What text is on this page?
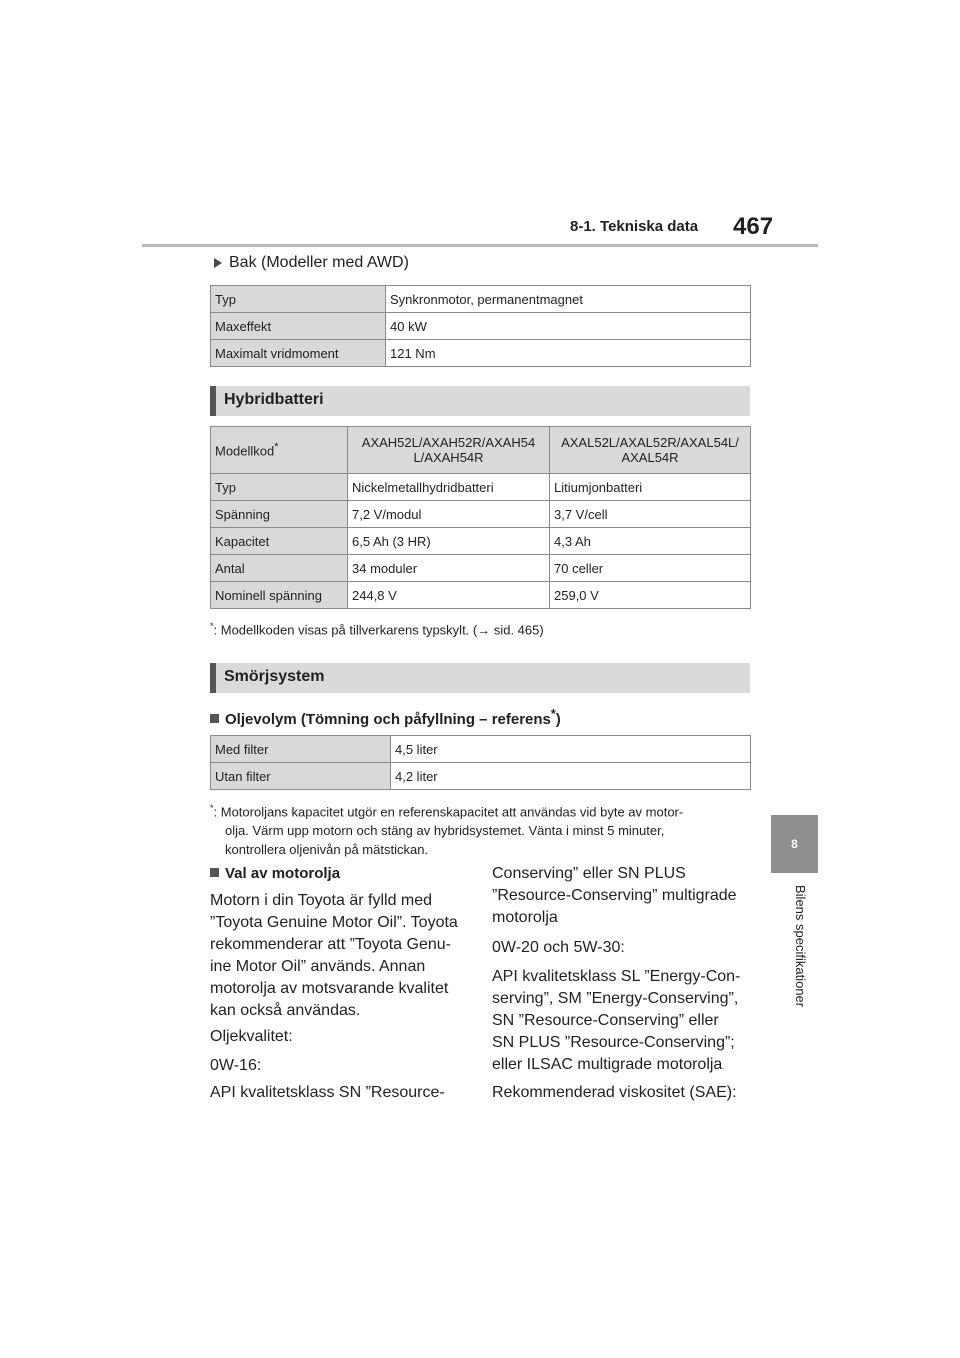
8-1. Tekniska data 467
8
Bilens specifikationer
Bak (Modeller med AWD)
Typ	Synkronmotor, permanentmagnet
Maxeffekt	40 kW
Maximalt vridmoment	121 Nm
Hybridbatteri
Modellkod*	AXAH52L/AXAH52R/AXAH54 L/AXAH54R	AXAL52L/AXAL52R/AXAL54L/ AXAL54R
Typ	Nickelmetallhydridbatteri	Litiumjonbatteri
Spänning	7,2 V/modul	3,7 V/cell
Kapacitet	6,5 Ah (3 HR)	4,3 Ah
Antal	34 moduler	70 celler
Nominell spänning	244,8 V	259,0 V
*: Modellkoden visas på tillverkarens typskylt. (→ sid. 465)
Smörjsystem
Oljevolym (Tömning och påfyllning – referens*)
Med filter	4,5 liter
Utan filter	4,2 liter
*: Motoroljans kapacitet utgör en referenskapacitet att användas vid byte av motor-
olja. Värm upp motorn och stäng av hybridsystemet. Vänta i minst 5 minuter,
kontrollera oljenivån på mätstickan.
Val av motorolja
Motorn i din Toyota är fylld med
”Toyota Genuine Motor Oil”. Toyota
rekommenderar att ”Toyota Genu-
ine Motor Oil” används. Annan
motorolja av motsvarande kvalitet
kan också användas.
Oljekvalitet:
0W-16:
API kvalitetsklass SN ”Resource-
Conserving” eller SN PLUS
”Resource-Conserving” multigrade
motorolja
0W-20 och 5W-30:
API kvalitetsklass SL ”Energy-Con-
serving”, SM ”Energy-Conserving”,
SN ”Resource-Conserving” eller
SN PLUS ”Resource-Conserving”;
eller ILSAC multigrade motorolja
Rekommenderad viskositet (SAE):
